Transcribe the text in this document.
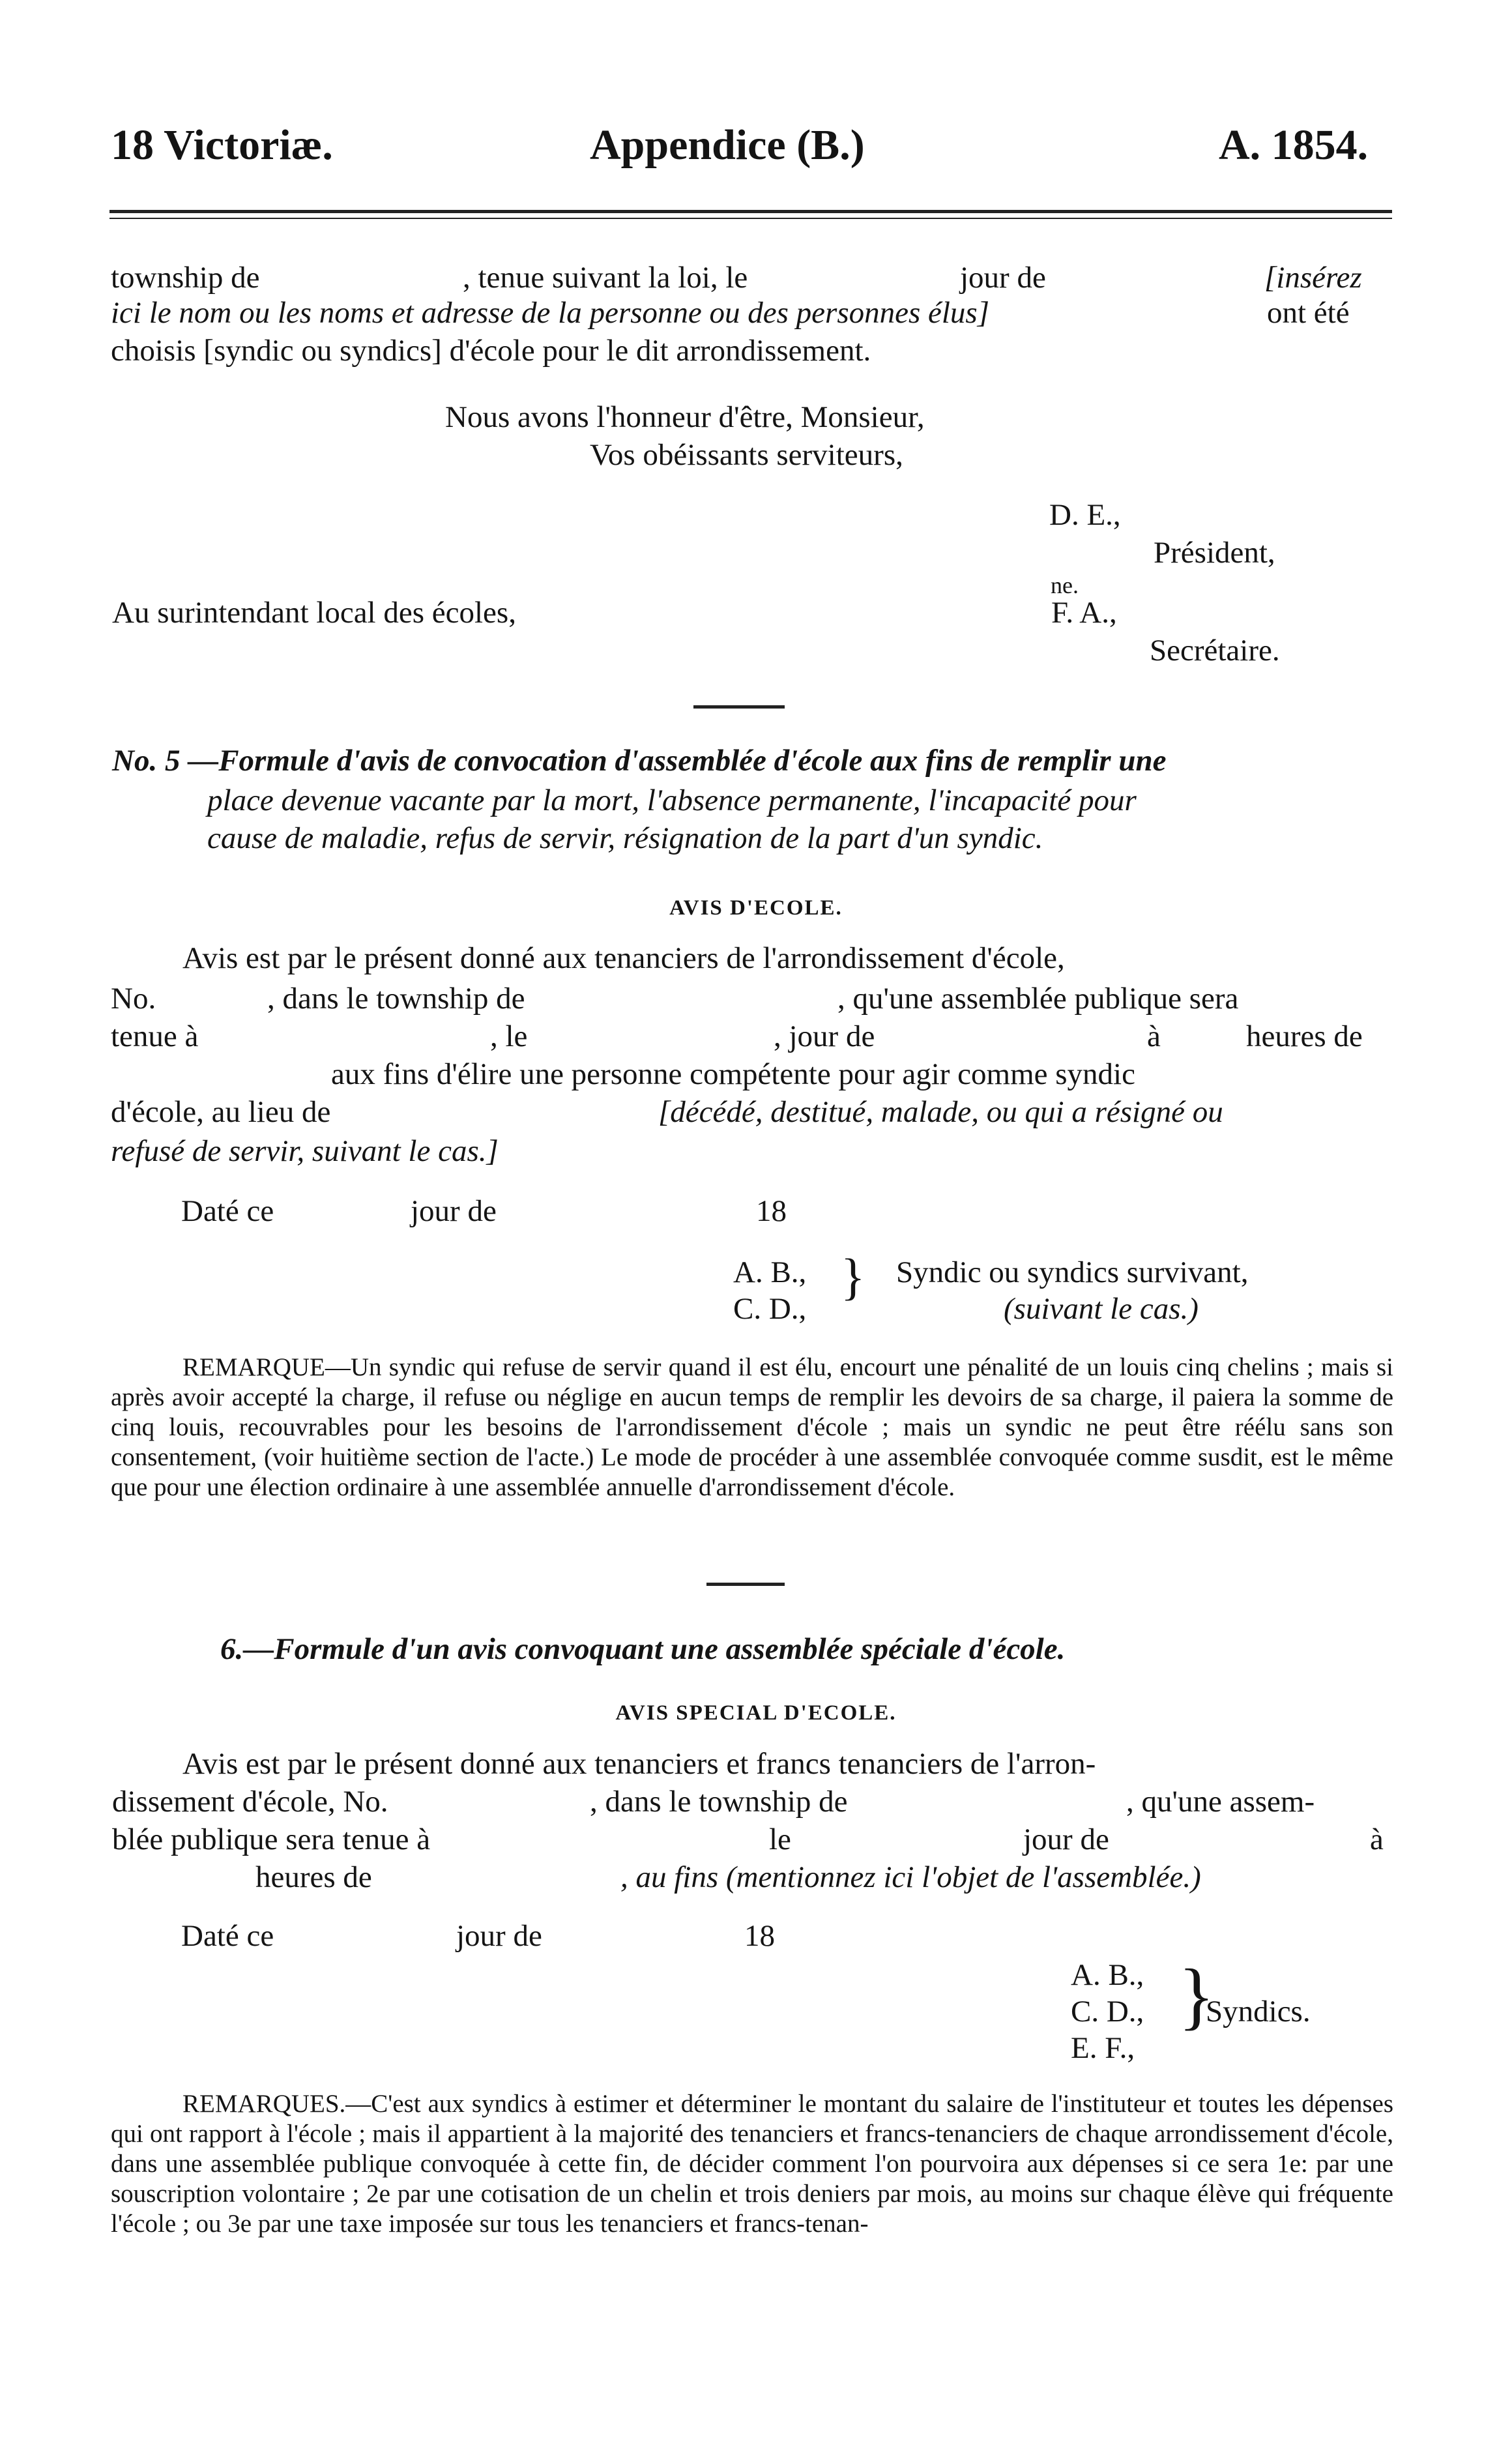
18 Victoriæ.	Appendice (B.)	A. 1854.
township de	, tenue suivant la loi, le	jour de	[insérez
ici le nom ou les noms et adresse de la personne ou des personnes élus]	ont été
choisis [syndic ou syndics] d'école pour le dit arrondissement.
Nous avons l'honneur d'être, Monsieur,
Vos obéissants serviteurs,
D. E.,
Président,
ne.
Au surintendant local des écoles,	F. A.,
Secrétaire.
No. 5 —Formule d'avis de convocation d'assemblée d'école aux fins de remplir une
place devenue vacante par la mort, l'absence permanente, l'incapacité pour
cause de maladie, refus de servir, résignation de la part d'un syndic.
AVIS D'ECOLE.
Avis est par le présent donné aux tenanciers de l'arrondissement d'école,
No.	, dans le township de	, qu'une assemblée publique sera
tenue à	, le	, jour de	à	heures de
aux fins d'élire une personne compétente pour agir comme syndic
d'école, au lieu de	[décédé, destitué, malade, ou qui a résigné ou
refusé de servir, suivant le cas.]
Daté ce	jour de	18
A. B.,
C. D.,
} Syndic ou syndics survivant,
(suivant le cas.)
REMARQUE—Un syndic qui refuse de servir quand il est élu, encourt une pénalité de un louis cinq chelins ; mais si après avoir accepté la charge, il refuse ou néglige en aucun temps de remplir les devoirs de sa charge, il paiera la somme de cinq louis, recouvrables pour les besoins de l'arrondissement d'école ; mais un syndic ne peut être réélu sans son consentement, (voir huitième section de l'acte.) Le mode de procéder à une assemblée convoquée comme susdit, est le même que pour une élection ordinaire à une assemblée annuelle d'arrondissement d'école.
6.—Formule d'un avis convoquant une assemblée spéciale d'école.
AVIS SPECIAL D'ECOLE.
Avis est par le présent donné aux tenanciers et francs tenanciers de l'arron-
dissement d'école, No.	, dans le township de	, qu'une assem-
blée publique sera tenue à	le	jour de	à
heures de	, au fins (mentionnez ici l'objet de l'assemblée.)
Daté ce	jour de	18
A. B.,
C. D.,
E. F.,
}
Syndics.
REMARQUES.—C'est aux syndics à estimer et déterminer le montant du salaire de l'instituteur et toutes les dépenses qui ont rapport à l'école ; mais il appartient à la majorité des tenanciers et francs-tenanciers de chaque arrondissement d'école, dans une assemblée publique convoquée à cette fin, de décider comment l'on pourvoira aux dépenses si ce sera 1e: par une souscription volontaire ; 2e par une cotisation de un chelin et trois deniers par mois, au moins sur chaque élève qui fréquente l'école ; ou 3e par une taxe imposée sur tous les tenanciers et francs-tenan-
